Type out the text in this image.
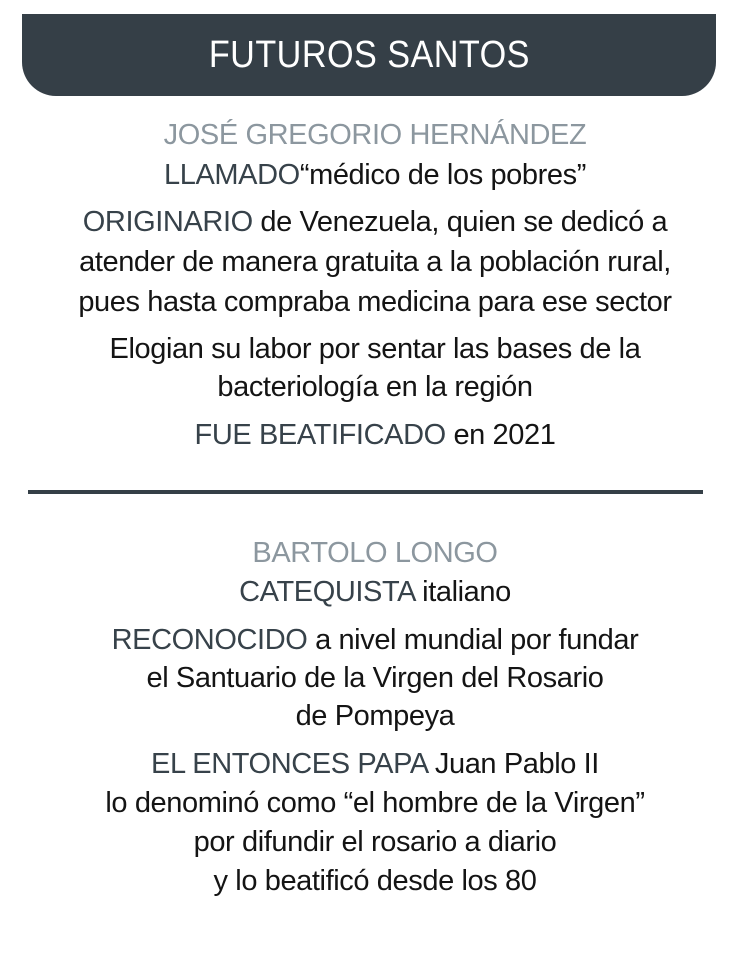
FUTUROS SANTOS
JOSÉ GREGORIO HERNÁNDEZ
LLAMADO“médico de los pobres”
ORIGINARIO de Venezuela, quien se dedicó a
atender de manera gratuita a la población rural,
pues hasta compraba medicina para ese sector
Elogian su labor por sentar las bases de la
bacteriología en la región
FUE BEATIFICADO en 2021
BARTOLO LONGO
CATEQUISTA italiano
RECONOCIDO a nivel mundial por fundar
el Santuario de la Virgen del Rosario
de Pompeya
EL ENTONCES PAPA Juan Pablo II
lo denominó como “el hombre de la Virgen”
por difundir el rosario a diario
y lo beatificó desde los 80
